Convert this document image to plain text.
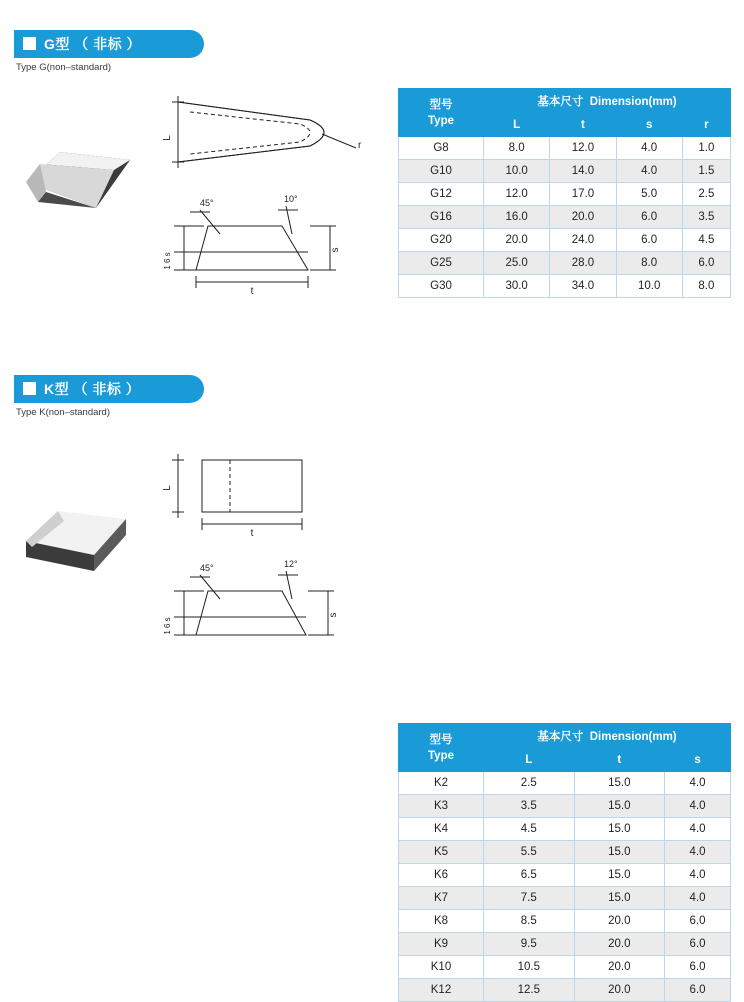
G型 （ 非标 ）
Type G(non–standard)
L
r
45°	10°
s
t
1 6 s
型号
Type	基本尺寸 Dimension(mm)			
	L	t	s	r
G8	8.0	12.0	4.0	1.0
G10	10.0	14.0	4.0	1.5
G12	12.0	17.0	5.0	2.5
G16	16.0	20.0	6.0	3.5
G20	20.0	24.0	6.0	4.5
G25	25.0	28.0	8.0	6.0
G30	30.0	34.0	10.0	8.0
K型 （ 非标 ）
Type K(non–standard)
L
t
45°	12°
s
1 6 s
型号
Type	基本尺寸 Dimension(mm)		
	L	t	s
K2	2.5	15.0	4.0
K3	3.5	15.0	4.0
K4	4.5	15.0	4.0
K5	5.5	15.0	4.0
K6	6.5	15.0	4.0
K7	7.5	15.0	4.0
K8	8.5	20.0	6.0
K9	9.5	20.0	6.0
K10	10.5	20.0	6.0
K12	12.5	20.0	6.0
